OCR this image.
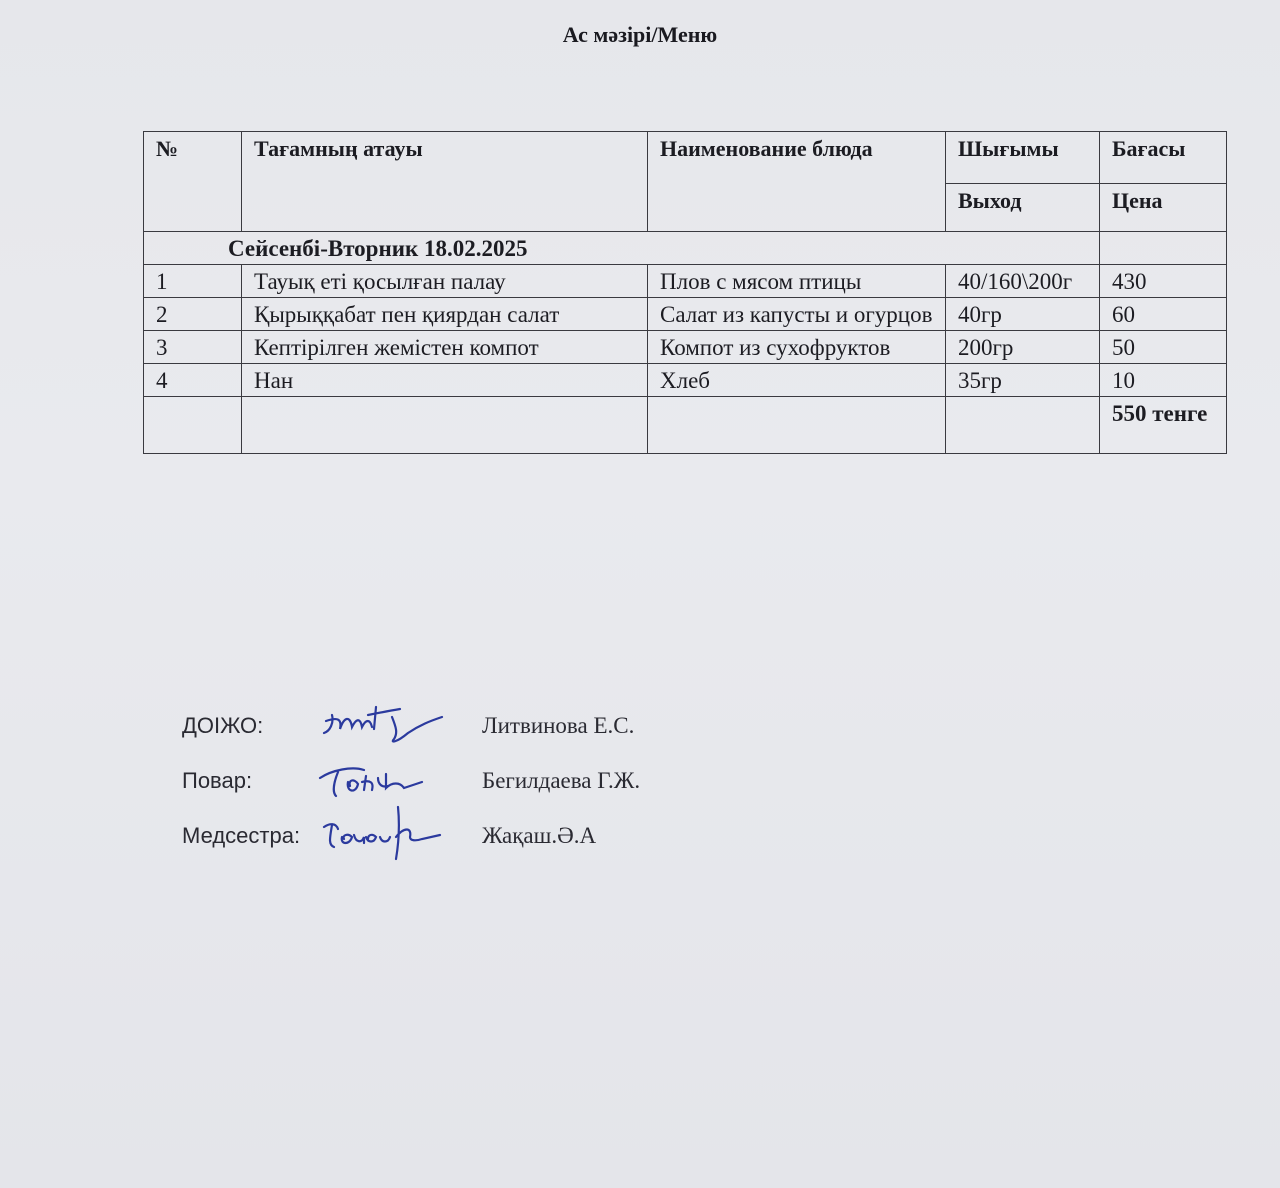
Ас мәзірі/Меню
№	Тағамның атауы	Наименование блюда	Шығымы	Бағасы
			Выход	Цена
Сейсенбі-Вторник 18.02.2025				
1	Тауық еті қосылған палау	Плов с мясом птицы	40/160\200г	430
2	Қырыққабат пен қиярдан салат	Салат из капусты и огурцов	40гр	60
3	Кептірілген жемістен компот	Компот из сухофруктов	200гр	50
4	Нан	Хлеб	35гр	10
				550 тенге
ДОІЖО:	Литвинова Е.С.
Повар:	Бегилдаева Г.Ж.
Медсестра:	Жақаш.Ә.А
